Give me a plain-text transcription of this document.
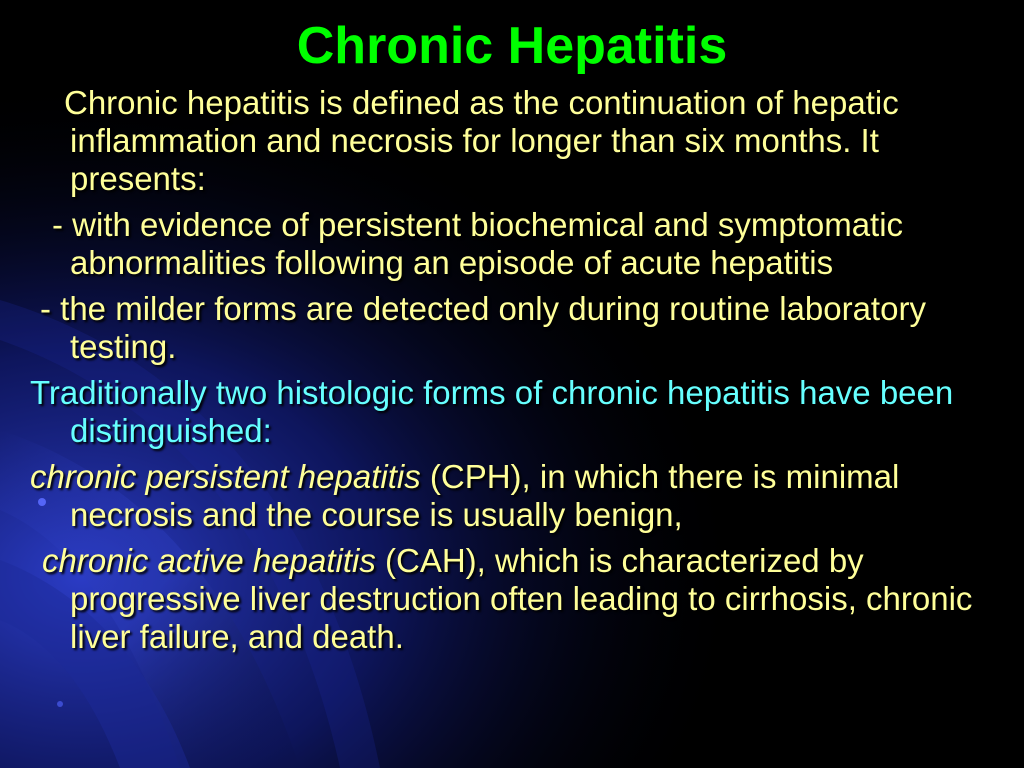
Chronic Hepatitis

Chronic hepatitis is defined as the continuation of hepatic inflammation and necrosis for longer than six months. It presents:

- with evidence of persistent biochemical and symptomatic abnormalities following an episode of acute hepatitis

- the milder forms are detected only during routine laboratory testing.

Traditionally two histologic forms of chronic hepatitis have been distinguished:

chronic persistent hepatitis (CPH), in which there is minimal necrosis and the course is usually benign,

chronic active hepatitis (CAH), which is characterized by progressive liver destruction often leading to cirrhosis, chronic liver failure, and death.
